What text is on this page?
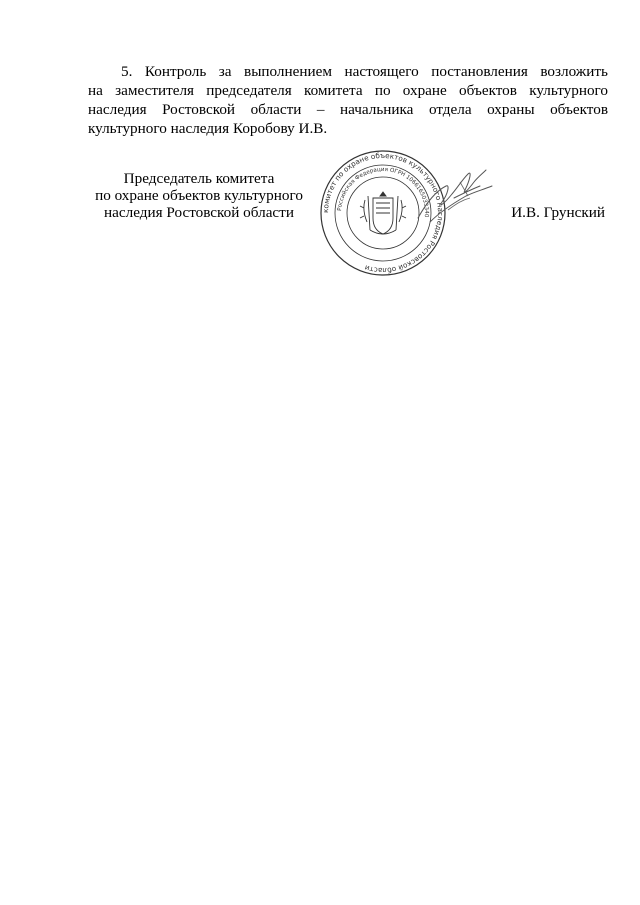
5. Контроль за выполнением настоящего постановления возложить
на заместителя председателя комитета по охране объектов культурного
наследия Ростовской области – начальника отдела охраны объектов
культурного наследия Коробову И.В.
Председатель комитета
по охране объектов культурного
наследия Ростовской области	комитет по охране объектов культурного наследия Ростовской области
Российская Федерация ОГРН 1066165033340	И.В. Грунский
